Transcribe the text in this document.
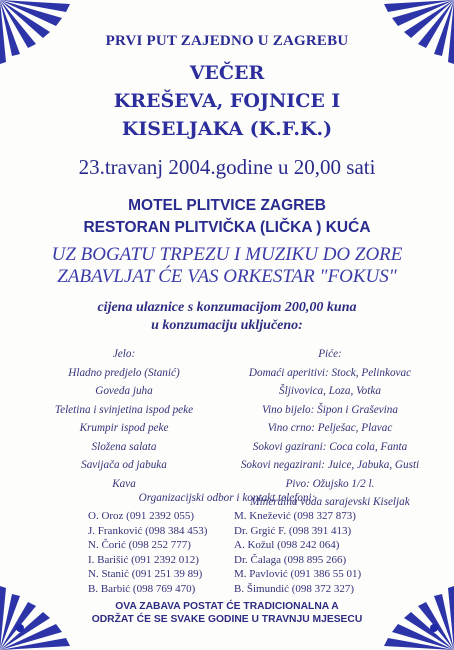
PRVI PUT ZAJEDNO U ZAGREBU
VEČER
KREŠEVA, FOJNICE I
KISELJAKA (K.F.K.)
23.travanj 2004.godine u 20,00 sati
MOTEL PLITVICE ZAGREB
RESTORAN PLITVIČKA (LIČKA ) KUĆA
UZ BOGATU TRPEZU I MUZIKU DO ZORE
ZABAVLJAT ĆE VAS ORKESTAR "FOKUS"
cijena ulaznice s konzumacijom 200,00 kuna
u konzumaciju uključeno:
Jelo:
Hladno predjelo (Stanić)
Goveda juha
Teletina i svinjetina ispod peke
Krumpir ispod peke
Složena salata
Savijača od jabuka
Kava
Piće:
Domaći aperitivi: Stock, Pelinkovac
Šljivovica, Loza, Votka
Vino bijelo: Šipon i Graševina
Vino crno: Pelješac, Plavac
Sokovi gazirani: Coca cola, Fanta
Sokovi negazirani: Juice, Jabuka, Gusti
Pivo: Ožujsko 1/2 l.
Mineralna voda sarajevski Kiseljak
Organizacijski odbor i kontakt telefoni:
O. Oroz (091 2392 055)
J. Franković (098 384 453)
N. Čorić (098 252 777)
I. Barišić (091 2392 012)
N. Stanić (091 251 39 89)
B. Barbić (098 769 470)
M. Knežević (098 327 873)
Dr. Grgić F. (098 391 413)
A. Kožul (098 242 064)
Dr. Čalaga (098 895 266)
M. Pavlović (091 386 55 01)
B. Šimundić (098 372 327)
OVA ZABAVA POSTAT ĆE TRADICIONALNA A
ODRŽAT ĆE SE SVAKE GODINE U TRAVNJU MJESECU
